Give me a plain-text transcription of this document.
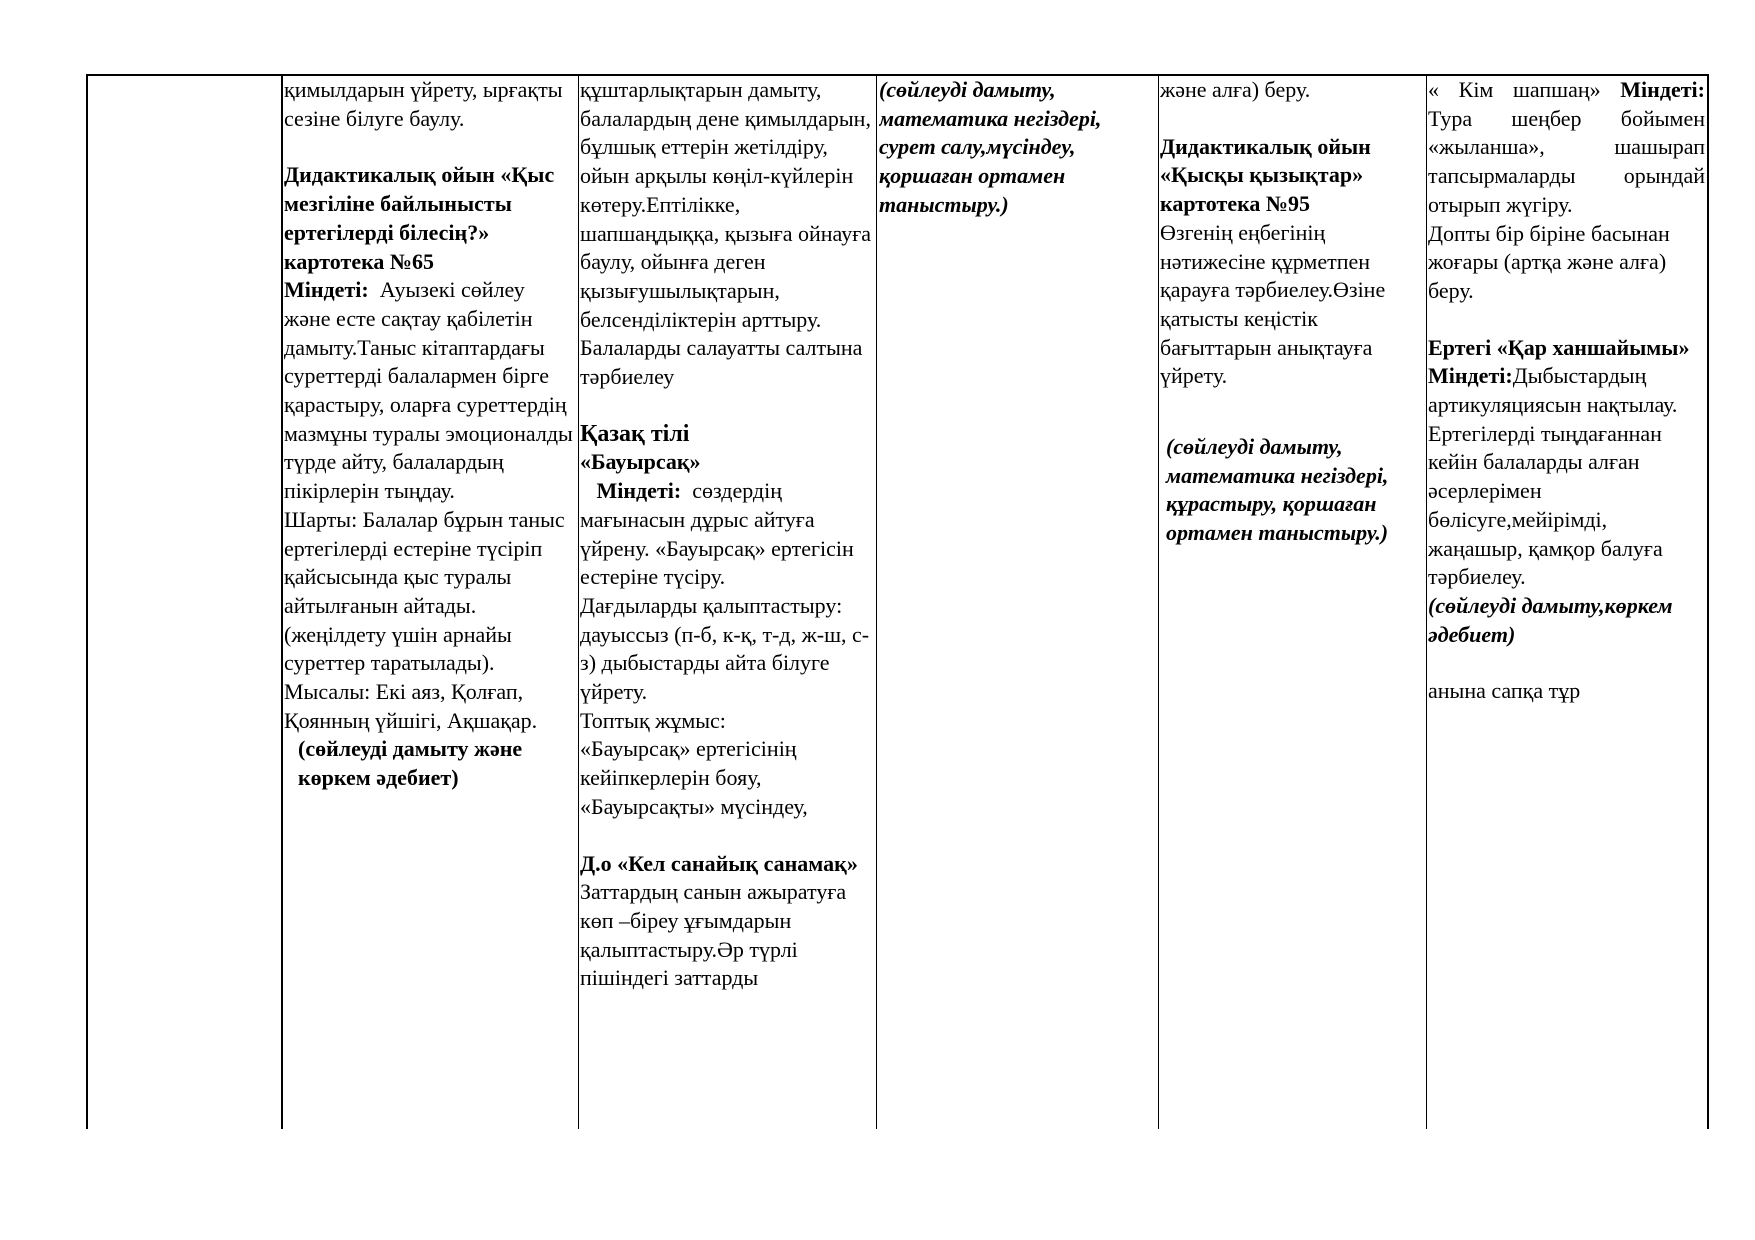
қимылдарын үйрету, ырғақты сезіне білуге баулу.

Дидактикалық ойын «Қыс мезгіліне байлынысты ертегілерді білесің?» картотека №65

Міндеті: Ауызекі сөйлеу және есте сақтау қабілетін дамыту.Таныс кітаптардағы суреттерді балалармен бірге қарастыру, оларға суреттердің мазмұны туралы эмоционалды түрде айту, балалардың пікірлерін тыңдау.

Шарты: Балалар бұрын таныс ертегілерді естеріне түсіріп қайсысында қыс туралы айтылғанын айтады.

(жеңілдету үшін арнайы суреттер таратылады).

Мысалы: Екі аяз, Қолғап, Қоянның үйшігі, Ақшақар.

(сөйлеуді дамыту және көркем әдебиет)

құштарлықтарын дамыту, балалардың дене қимылдарын, бұлшық еттерін жетілдіру, ойын арқылы көңіл-күйлерін көтеру.Ептілікке, шапшаңдыққа, қызыға ойнауға баулу, ойынға деген қызығушылықтарын, белсенділіктерін арттыру. Балаларды салауатты салтына тәрбиелеу

Қазақ тілі

«Бауырсақ»

Міндеті: сөздердің мағынасын дұрыс айтуға үйрену. «Бауырсақ» ертегісін естеріне түсіру.

Дағдыларды қалыптастыру:

дауыссыз (п-б, к-қ, т-д, ж-ш, с-з) дыбыстарды айта білуге үйрету.

Топтық жұмыс:

«Бауырсақ» ертегісінің кейіпкерлерін бояу, «Бауырсақты» мүсіндеу,

Д.о «Кел санайық санамақ»

Заттардың санын ажыратуға көп –біреу ұғымдарын қалыптастыру.Әр түрлі пішіндегі заттарды

(сөйлеуді дамыту, математика негіздері, сурет салу,мүсіндеу, қоршаған ортамен таныстыру.)

және алға) беру.

Дидактикалық ойын «Қысқы қызықтар» картотека №95

Өзгенің еңбегінің нәтижесіне құрметпен қарауға тәрбиелеу.Өзіне қатысты кеңістік бағыттарын анықтауға үйрету.

(сөйлеуді дамыту, математика негіздері, құрастыру, қоршаған ортамен таныстыру.)

« Кім шапшаң» Міндеті: Тура шеңбер бойымен «жыланша», шашырап тапсырмаларды орындай отырып жүгіру.

Допты бір біріне басынан жоғары (артқа және алға) беру.

Ертегі «Қар ханшайымы»

Міндеті:Дыбыстардың артикуляциясын нақтылау. Ертегілерді тыңдағаннан кейін балаларды алған әсерлерімен бөлісуге,мейірімді, жаңашыр, қамқор балуға тәрбиелеу.

(сөйлеуді дамыту,көркем әдебиет)

анына сапқа тұр
